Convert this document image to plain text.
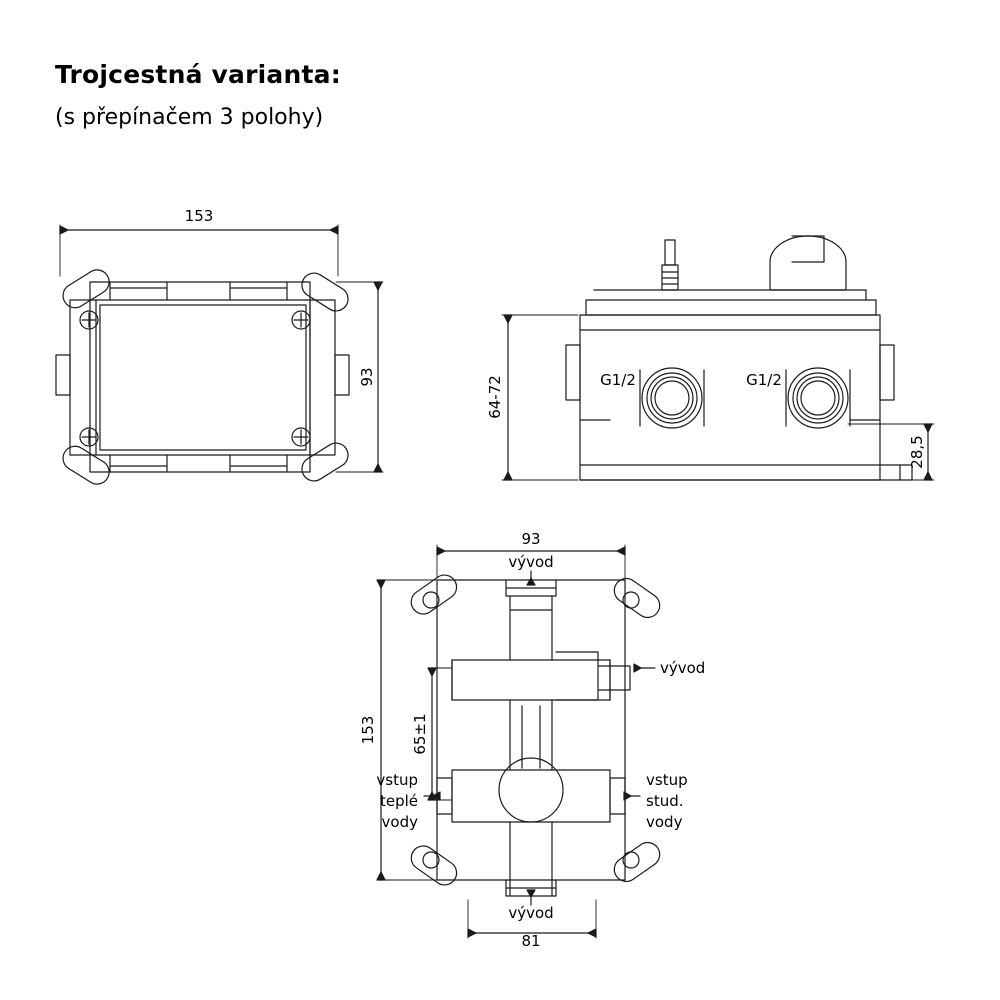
Trojcestná varianta:
(s přepínačem 3 polohy)
153
93	64-72
28,5
G1/2	G1/2
93
81
153 65±1
vývod
vývod
vývod
vstup
teplé
vody
vstup
stud.
vody
